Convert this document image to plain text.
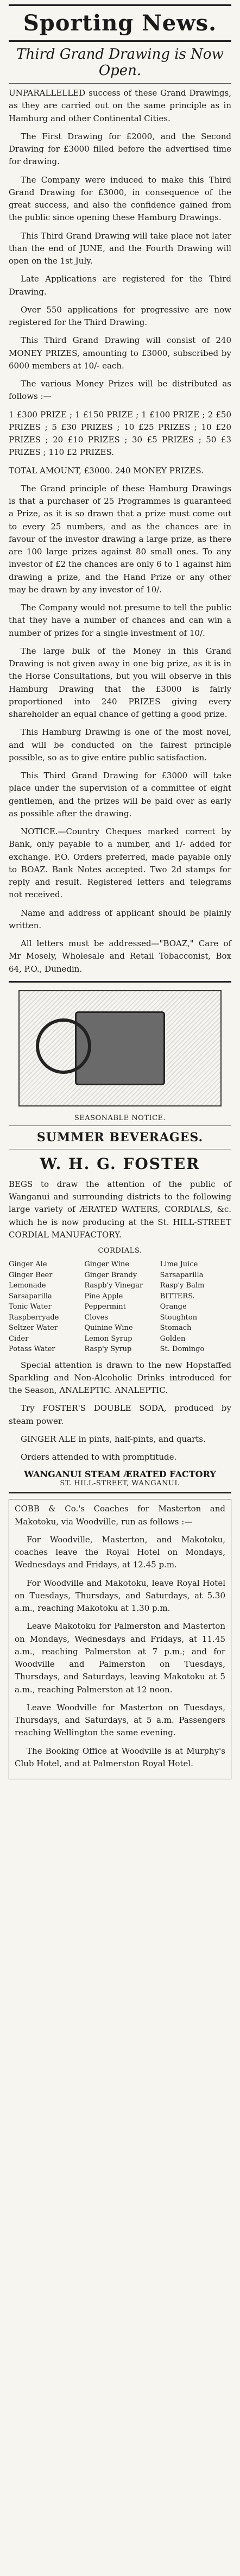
Sporting News.
Third Grand Drawing is Now Open.

UNPARALLELLED success of these Grand Drawings, as they are carried out on the same principle as in Hamburg and other Continental Cities.

The First Drawing for £2000, and the Second Drawing for £3000 filled before the advertised time for drawing.

The Company were induced to make this Third Grand Drawing for £3000, in consequence of the great success, and also the confidence gained from the public since opening these Hamburg Drawings.

This Third Grand Drawing will take place not later than the end of JUNE, and the Fourth Drawing will open on the 1st July.

Late Applications are registered for the Third Drawing.

Over 550 applications for progressive are now registered for the Third Drawing.

This Third Grand Drawing will consist of 240 MONEY PRIZES, amounting to £3000, subscribed by 6000 members at 10/- each.

The various Money Prizes will be distributed as follows :—

1 £300 PRIZE ; 1 £150 PRIZE ; 1 £100 PRIZE ; 2 £50 PRIZES ; 5 £30 PRIZES ; 10 £25 PRIZES ; 10 £20 PRIZES ; 20 £10 PRIZES ; 30 £5 PRIZES ; 50 £3 PRIZES ; 110 £2 PRIZES.

TOTAL AMOUNT, £3000. 240 MONEY PRIZES.

The Grand principle of these Hamburg Drawings is that a purchaser of 25 Programmes is guaranteed a Prize, as it is so drawn that a prize must come out to every 25 numbers, and as the chances are in favour of the investor drawing a large prize, as there are 100 large prizes against 80 small ones. To any investor of £2 the chances are only 6 to 1 against him drawing a prize, and the Hand Prize or any other may be drawn by any investor of 10/.

The Company would not presume to tell the public that they have a number of chances and can win a number of prizes for a single investment of 10/.

The large bulk of the Money in this Grand Drawing is not given away in one big prize, as it is in the Horse Consultations, but you will observe in this Hamburg Drawing that the £3000 is fairly proportioned into 240 PRIZES giving every shareholder an equal chance of getting a good prize.

This Hamburg Drawing is one of the most novel, and will be conducted on the fairest principle possible, so as to give entire public satisfaction.

This Third Grand Drawing for £3000 will take place under the supervision of a committee of eight gentlemen, and the prizes will be paid over as early as possible after the drawing.

NOTICE.—Country Cheques marked correct by Bank, only payable to a number, and 1/- added for exchange. P.O. Orders preferred, made payable only to BOAZ. Bank Notes accepted. Two 2d stamps for reply and result. Registered letters and telegrams not received.

Name and address of applicant should be plainly written.

All letters must be addressed—"BOAZ," Care of Mr Mosely, Wholesale and Retail Tobacconist, Box 64, P.O., Dunedin.

SEASONABLE NOTICE.
SUMMER BEVERAGES.
W. H. G. FOSTER

BEGS to draw the attention of the public of Wanganui and surrounding districts to the following large variety of ÆRATED WATERS, CORDIALS, &c. which he is now producing at the St. HILL-STREET CORDIAL MANUFACTORY.

CORDIALS.
Ginger Ale
Ginger Beer
Lemonade
Sarsaparilla
Tonic Water
Raspberryade
Seltzer Water
Cider
Potass Water
Ginger Wine
Ginger Brandy
Raspb'y Vinegar
Pine Apple
Peppermint
Cloves
Quinine Wine
Lemon Syrup
Rasp'y Syrup
Lime Juice
Sarsaparilla
Rasp'y Balm
BITTERS.
Orange
Stoughton
Stomach
Golden
St. Domingo

Special attention is drawn to the new Hopstaffed Sparkling and Non-Alcoholic Drinks introduced for the Season, ANALEPTIC. ANALEPTIC.

Try FOSTER'S DOUBLE SODA, produced by steam power.

GINGER ALE in pints, half-pints, and quarts.

Orders attended to with promptitude.

WANGANUI STEAM ÆRATED FACTORY
ST. HILL-STREET, WANGANUI.

COBB & Co.'s Coaches for Masterton and Makotoku, via Woodville, run as follows :—

For Woodville, Masterton, and Makotoku, coaches leave the Royal Hotel on Mondays, Wednesdays and Fridays, at 12.45 p.m.

For Woodville and Makotoku, leave Royal Hotel on Tuesdays, Thursdays, and Saturdays, at 5.30 a.m., reaching Makotoku at 1.30 p.m.

Leave Makotoku for Palmerston and Masterton on Mondays, Wednesdays and Fridays, at 11.45 a.m., reaching Palmerston at 7 p.m.; and for Woodville and Palmerston on Tuesdays, Thursdays, and Saturdays, leaving Makotoku at 5 a.m., reaching Palmerston at 12 noon.

Leave Woodville for Masterton on Tuesdays, Thursdays, and Saturdays, at 5 a.m. Passengers reaching Wellington the same evening.

The Booking Office at Woodville is at Murphy's Club Hotel, and at Palmerston Royal Hotel.
